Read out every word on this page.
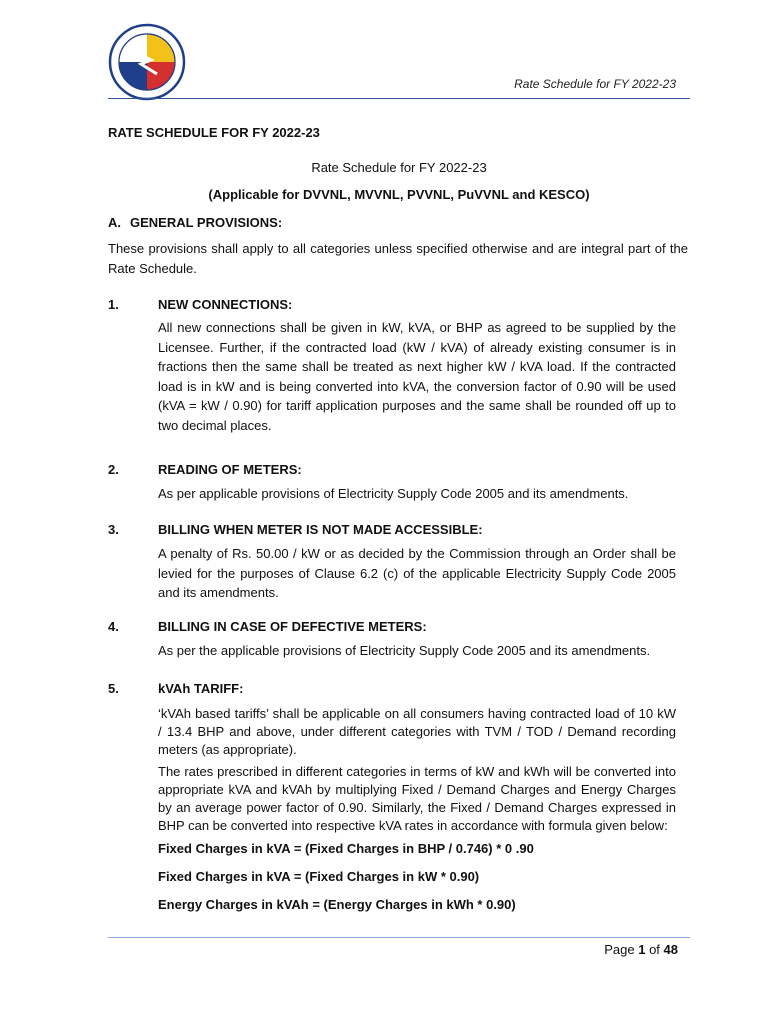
Rate Schedule for FY 2022-23
RATE SCHEDULE FOR FY 2022-23
Rate Schedule for FY 2022-23
(Applicable for DVVNL, MVVNL, PVVNL, PuVVNL and KESCO)
A. GENERAL PROVISIONS:
These provisions shall apply to all categories unless specified otherwise and are integral part of the Rate Schedule.
1.	NEW CONNECTIONS:
All new connections shall be given in kW, kVA, or BHP as agreed to be supplied by the Licensee. Further, if the contracted load (kW / kVA) of already existing consumer is in fractions then the same shall be treated as next higher kW / kVA load. If the contracted load is in kW and is being converted into kVA, the conversion factor of 0.90 will be used (kVA = kW / 0.90) for tariff application purposes and the same shall be rounded off up to two decimal places.
2.	READING OF METERS:
As per applicable provisions of Electricity Supply Code 2005 and its amendments.
3.	BILLING WHEN METER IS NOT MADE ACCESSIBLE:
A penalty of Rs. 50.00 / kW or as decided by the Commission through an Order shall be levied for the purposes of Clause 6.2 (c) of the applicable Electricity Supply Code 2005 and its amendments.
4.	BILLING IN CASE OF DEFECTIVE METERS:
As per the applicable provisions of Electricity Supply Code 2005 and its amendments.
5.	kVAh TARIFF:
‘kVAh based tariffs’ shall be applicable on all consumers having contracted load of 10 kW / 13.4 BHP and above, under different categories with TVM / TOD / Demand recording meters (as appropriate).
The rates prescribed in different categories in terms of kW and kWh will be converted into appropriate kVA and kVAh by multiplying Fixed / Demand Charges and Energy Charges by an average power factor of 0.90. Similarly, the Fixed / Demand Charges expressed in BHP can be converted into respective kVA rates in accordance with formula given below:
Fixed Charges in kVA = (Fixed Charges in BHP / 0.746) * 0 .90
Fixed Charges in kVA = (Fixed Charges in kW * 0.90)
Energy Charges in kVAh = (Energy Charges in kWh * 0.90)
Page 1 of 48
